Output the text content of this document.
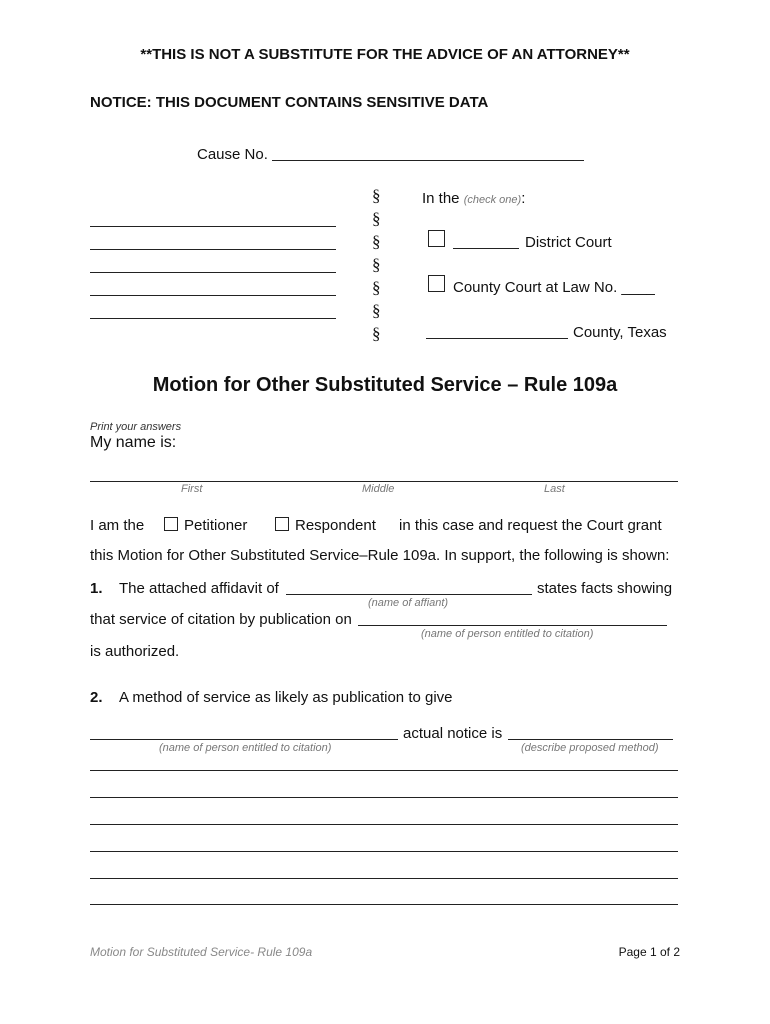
**THIS IS NOT A SUBSTITUTE FOR THE ADVICE OF AN ATTORNEY**
NOTICE: THIS DOCUMENT CONTAINS SENSITIVE DATA
Cause No.
§
§
§
§
§
§
§
In the (check one):
District Court
County Court at Law No. ____
County, Texas
Motion for Other Substituted Service – Rule 109a
Print your answers
My name is:
First	Middle	Last
I am the	Petitioner	Respondent in this case and request the Court grant
this Motion for Other Substituted Service–Rule 109a. In support, the following is shown:
1. The attached affidavit of	states facts showing
(name of affiant)
that service of citation by publication on
(name of person entitled to citation)
is authorized.
2. A method of service as likely as publication to give
actual notice is
(name of person entitled to citation)	(describe proposed method)
Motion for Substituted Service- Rule 109a	Page 1 of 2
